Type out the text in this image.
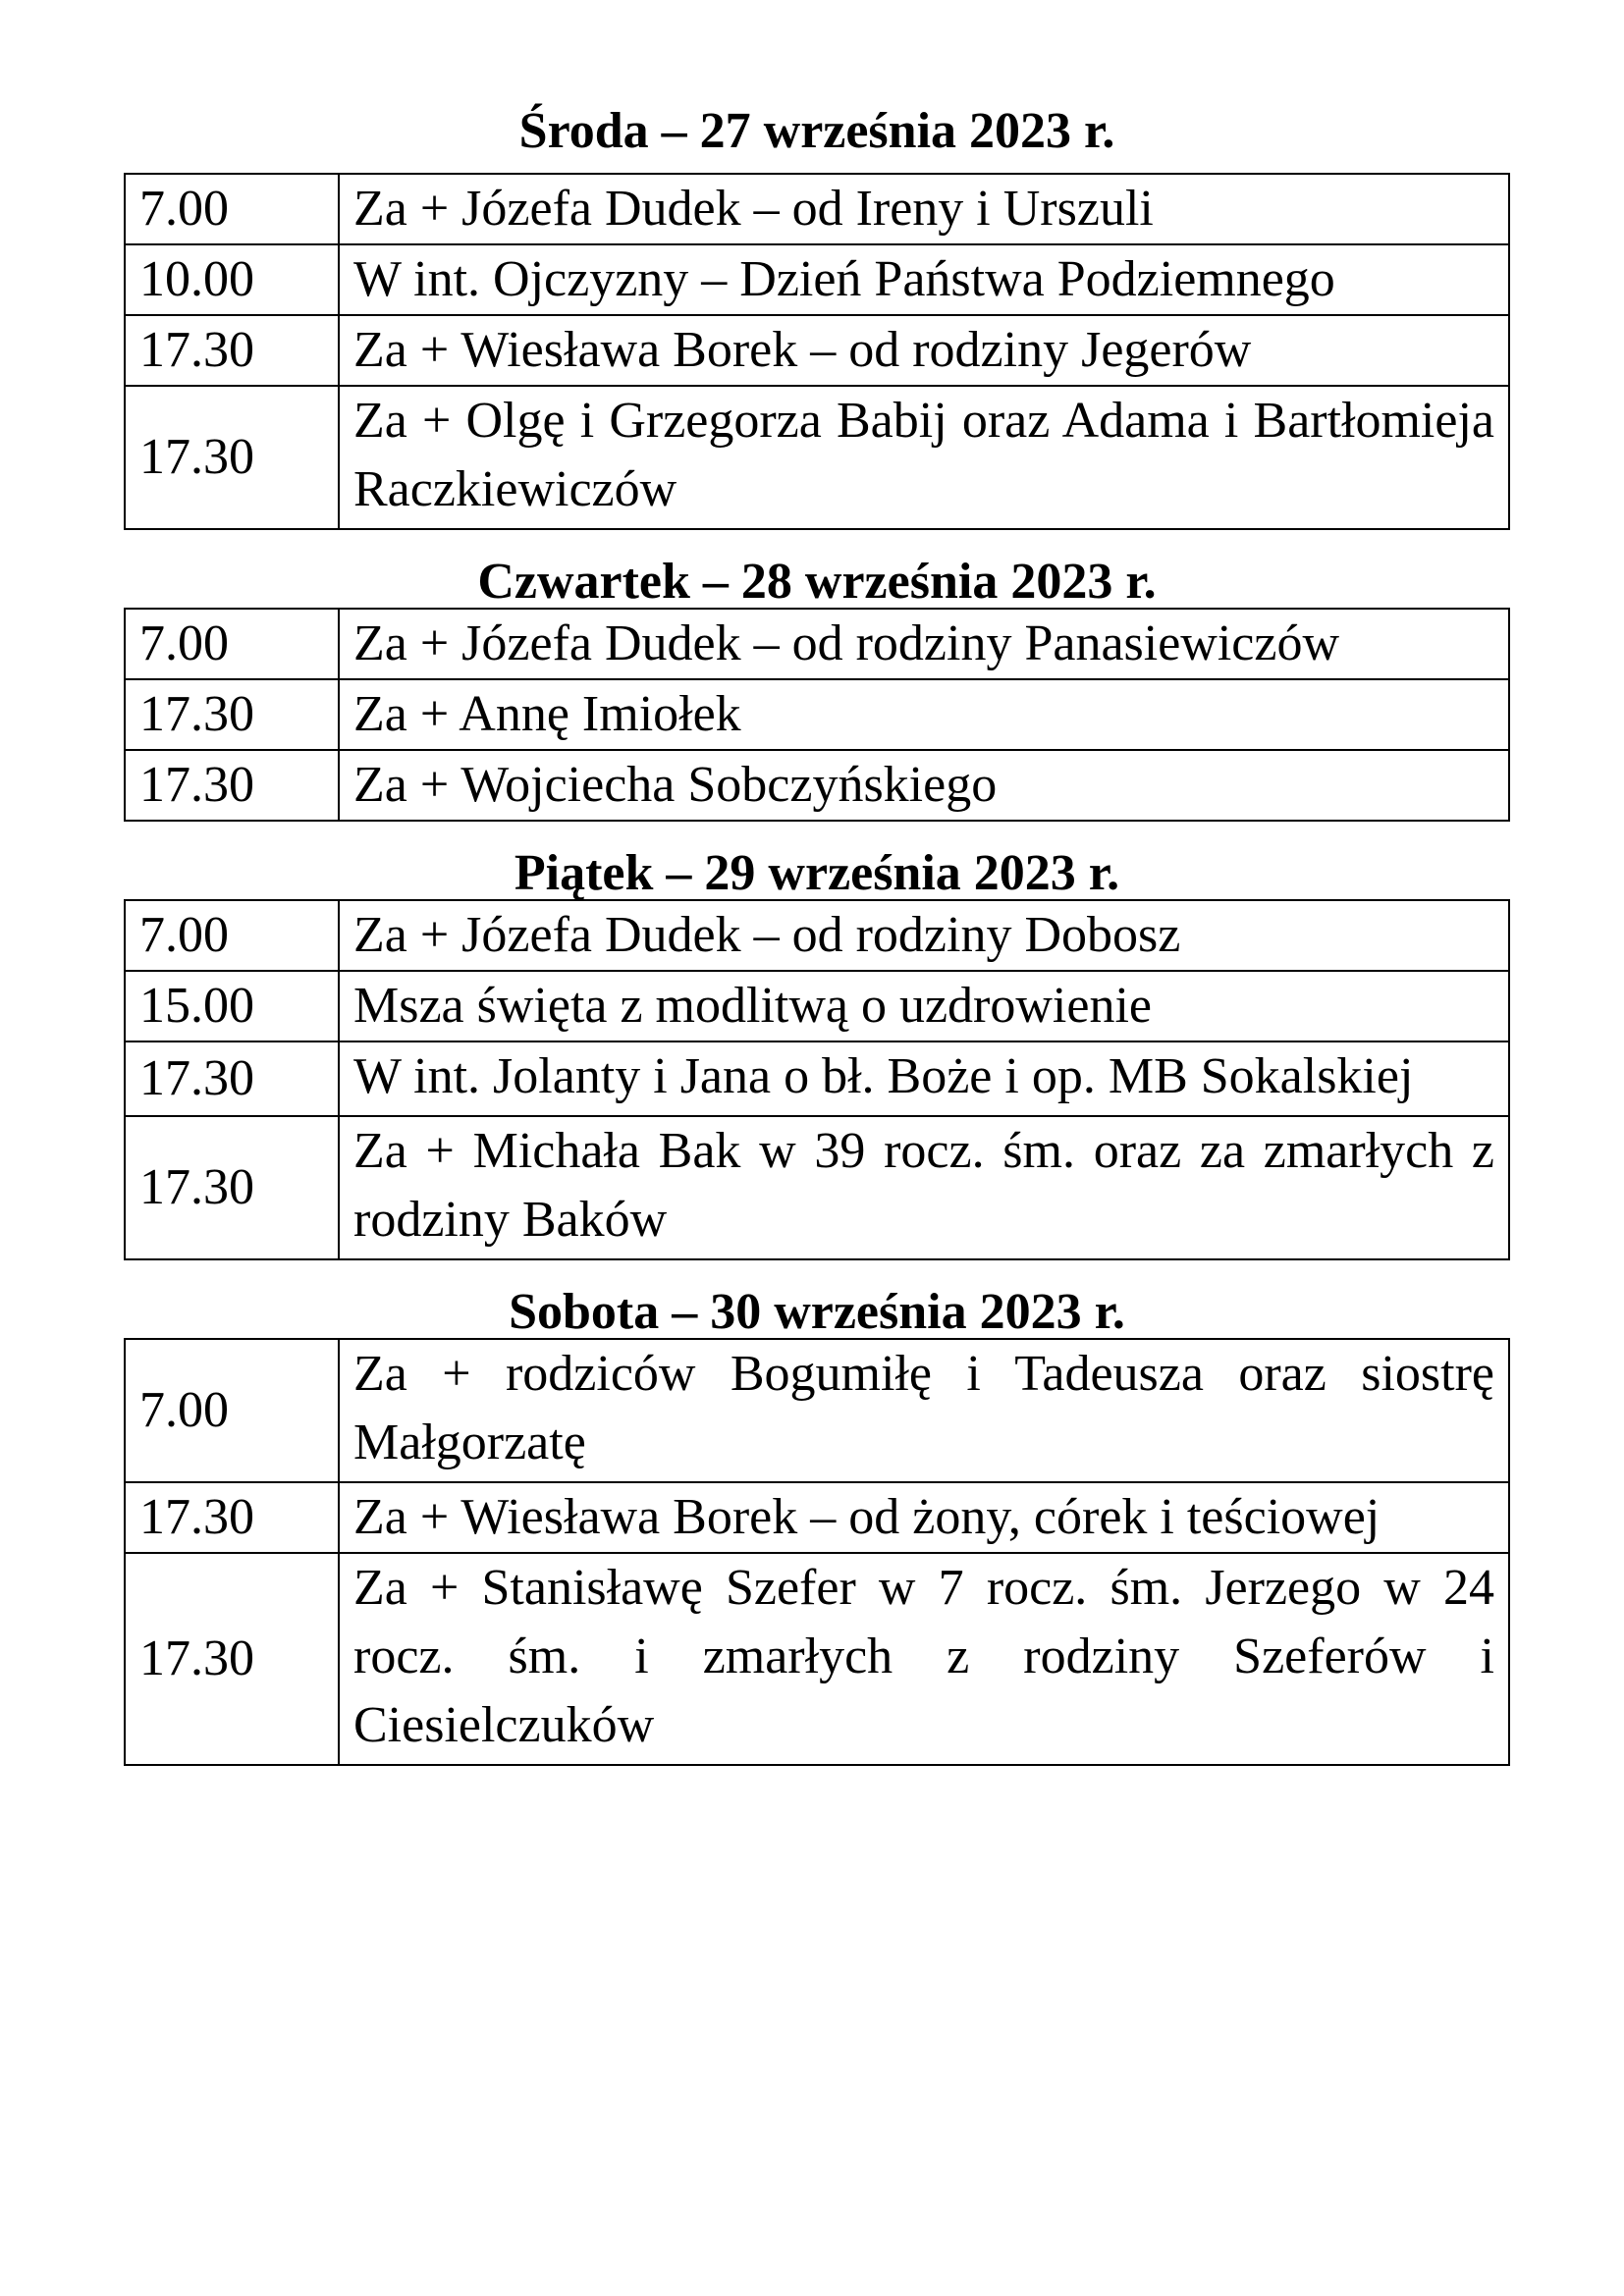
Środa – 27 września 2023 r.
7.00	Za + Józefa Dudek – od Ireny i Urszuli
10.00	W int. Ojczyzny – Dzień Państwa Podziemnego
17.30	Za + Wiesława Borek – od rodziny Jegerów
17.30	Za + Olgę i Grzegorza Babij oraz Adama i Bartłomieja Raczkiewiczów
Czwartek – 28 września 2023 r.
7.00	Za + Józefa Dudek – od rodziny Panasiewiczów
17.30	Za + Annę Imiołek
17.30	Za + Wojciecha Sobczyńskiego
Piątek – 29 września 2023 r.
7.00	Za + Józefa Dudek – od rodziny Dobosz
15.00	Msza święta z modlitwą o uzdrowienie
17.30	W int. Jolanty i Jana o bł. Boże i op. MB Sokalskiej
17.30	Za + Michała Bak w 39 rocz. śm. oraz za zmarłych z rodziny Baków
Sobota – 30 września 2023 r.
7.00	Za + rodziców Bogumiłę i Tadeusza oraz siostrę Małgorzatę
17.30	Za + Wiesława Borek – od żony, córek i teściowej
17.30	Za + Stanisławę Szefer w 7 rocz. śm. Jerzego w 24 rocz. śm. i zmarłych z rodziny Szeferów i Ciesielczuków
